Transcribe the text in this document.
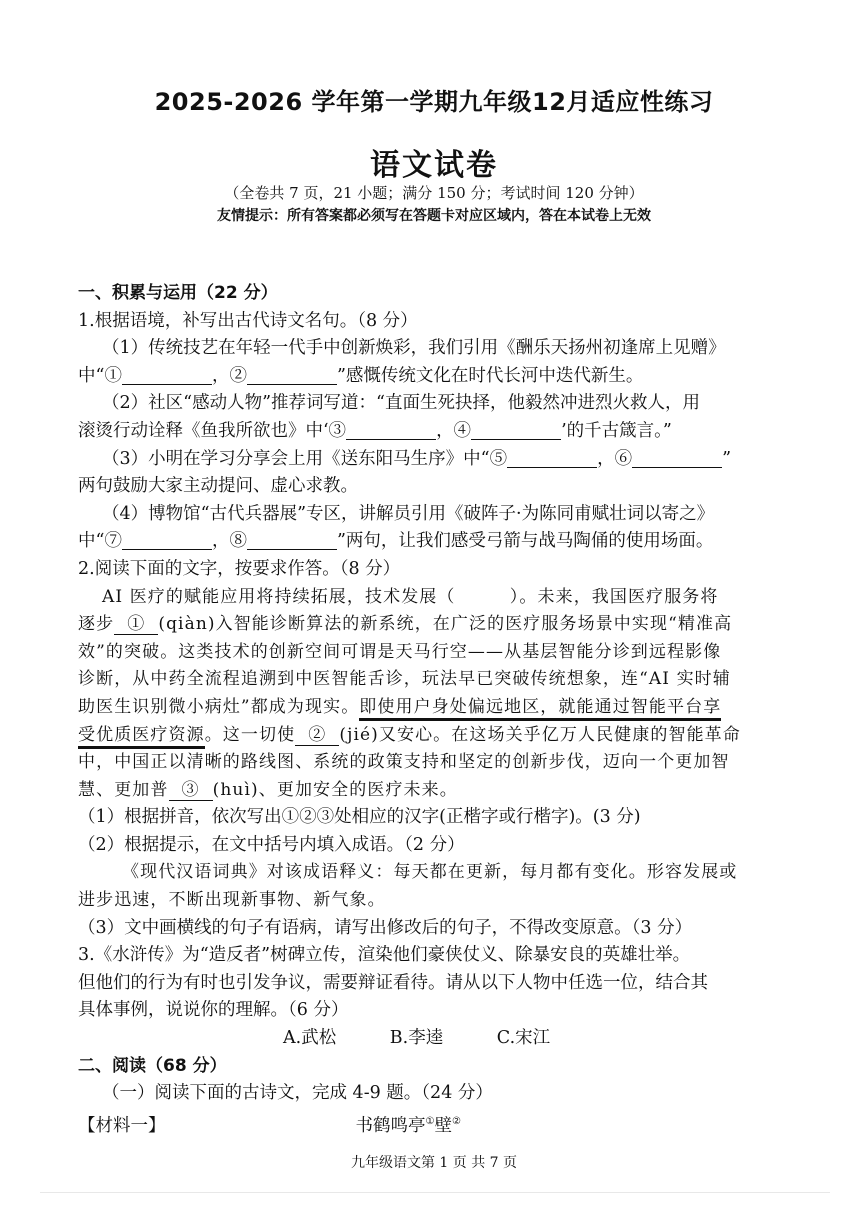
2025-2026 学年第一学期九年级12月适应性练习
语文试卷
（全卷共 7 页，21 小题；满分 150 分；考试时间 120 分钟）
友情提示：所有答案都必须写在答题卡对应区域内，答在本试卷上无效
一、积累与运用（22 分）
1.根据语境，补写出古代诗文名句。（8 分）
（1）传统技艺在年轻一代手中创新焕彩，我们引用《酬乐天扬州初逢席上见赠》
中“①	，②	”感慨传统文化在时代长河中迭代新生。
（2）社区“感动人物”推荐词写道：“直面生死抉择，他毅然冲进烈火救人，用
滚烫行动诠释《鱼我所欲也》中‘③	，④	’的千古箴言。”
（3）小明在学习分享会上用《送东阳马生序》中“⑤	，⑥	”
两句鼓励大家主动提问、虚心求教。
（4）博物馆“古代兵器展”专区，讲解员引用《破阵子·为陈同甫赋壮词以寄之》
中“⑦	，⑧	”两句，让我们感受弓箭与战马陶俑的使用场面。
2.阅读下面的文字，按要求作答。（8 分）
AI 医疗的赋能应用将持续拓展，技术发展（　　　）。未来，我国医疗服务将
逐步 ① (qiàn)入智能诊断算法的新系统，在广泛的医疗服务场景中实现“精准高
效”的突破。这类技术的创新空间可谓是天马行空——从基层智能分诊到远程影像
诊断，从中药全流程追溯到中医智能舌诊，玩法早已突破传统想象，连“AI 实时辅
助医生识别微小病灶”都成为现实。即使用户身处偏远地区，就能通过智能平台享
受优质医疗资源。这一切使 ② (jié)又安心。在这场关乎亿万人民健康的智能革命
中，中国正以清晰的路线图、系统的政策支持和坚定的创新步伐，迈向一个更加智
慧、更加普 ③ (huì)、更加安全的医疗未来。
（1）根据拼音，依次写出①②③处相应的汉字(正楷字或行楷字)。(3 分)
（2）根据提示，在文中括号内填入成语。（2 分）
《现代汉语词典》对该成语释义：每天都在更新，每月都有变化。形容发展或
进步迅速，不断出现新事物、新气象。
（3）文中画横线的句子有语病，请写出修改后的句子，不得改变原意。（3 分）
3.《水浒传》为“造反者”树碑立传，渲染他们豪侠仗义、除暴安良的英雄壮举。
但他们的行为有时也引发争议，需要辩证看待。请从以下人物中任选一位，结合其
具体事例，说说你的理解。（6 分）
A.武松	B.李逵	C.宋江
二、阅读（68 分）
（一）阅读下面的古诗文，完成 4-9 题。（24 分）
【材料一】	书鹤鸣亭①壁②
九年级语文第 1 页 共 7 页
